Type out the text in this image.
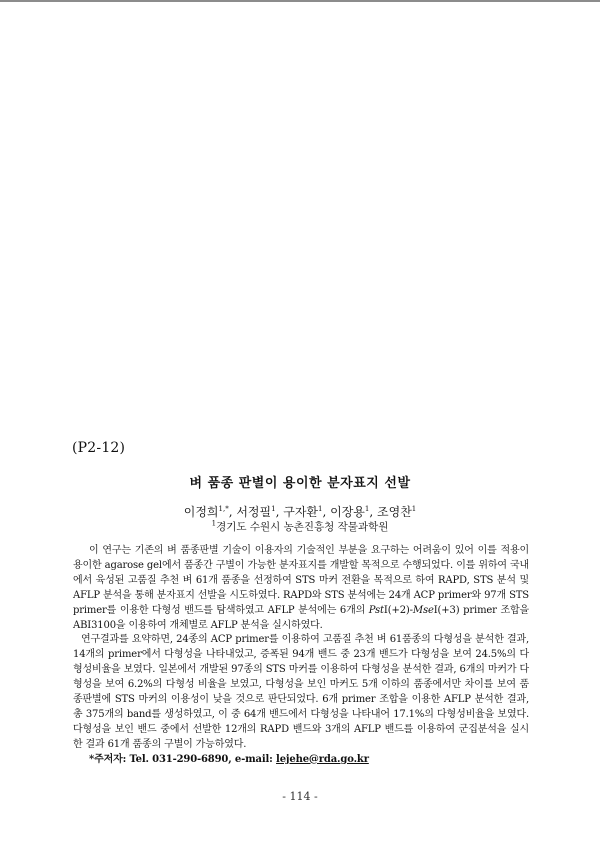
(P2-12)
벼 품종 판별이 용이한 분자표지 선발
이정희$^{1,*}$, 서정필$^1$, 구자환$^1$, 이장용$^1$, 조영찬$^1$
$^1$경기도 수원시 농촌진흥청 작물과학원

이 연구는 기존의 벼 품종판별 기술이 이용자의 기술적인 부분을 요구하는 어려움이 있어 이를 적용이 용이한 agarose gel에서 품종간 구별이 가능한 분자표지를 개발할 목적으로 수행되었다. 이를 위하여 국내에서 육성된 고품질 추천 벼 61개 품종을 선정하여 STS 마커 전환을 목적으로 하여 RAPD, STS 분석 및 AFLP 분석을 통해 분자표지 선발을 시도하였다. RAPD와 STS 분석에는 24개 ACP primer와 97개 STS primer를 이용한 다형성 밴드를 탐색하였고 AFLP 분석에는 6개의 PstI(+2)-MseI(+3) primer 조합을 ABI3100을 이용하여 개체별로 AFLP 분석을 실시하였다.

연구결과를 요약하면, 24종의 ACP primer를 이용하여 고품질 추천 벼 61품종의 다형성을 분석한 결과, 14개의 primer에서 다형성을 나타내었고, 증폭된 94개 밴드 중 23개 밴드가 다형성을 보여 24.5%의 다형성비율을 보였다. 일본에서 개발된 97종의 STS 마커를 이용하여 다형성을 분석한 결과, 6개의 마커가 다형성을 보여 6.2%의 다형성 비율을 보였고, 다형성을 보인 마커도 5개 이하의 품종에서만 차이를 보여 품종판별에 STS 마커의 이용성이 낮을 것으로 판단되었다. 6개 primer 조합을 이용한 AFLP 분석한 결과, 총 375개의 band를 생성하였고, 이 중 64개 밴드에서 다형성을 나타내어 17.1%의 다형성비율을 보였다. 다형성을 보인 밴드 중에서 선발한 12개의 RAPD 밴드와 3개의 AFLP 밴드를 이용하여 군집분석을 실시한 결과 61개 품종의 구별이 가능하였다.

*주저자: Tel. 031-290-6890, e-mail: lejehe@rda.go.kr

- 114 -
